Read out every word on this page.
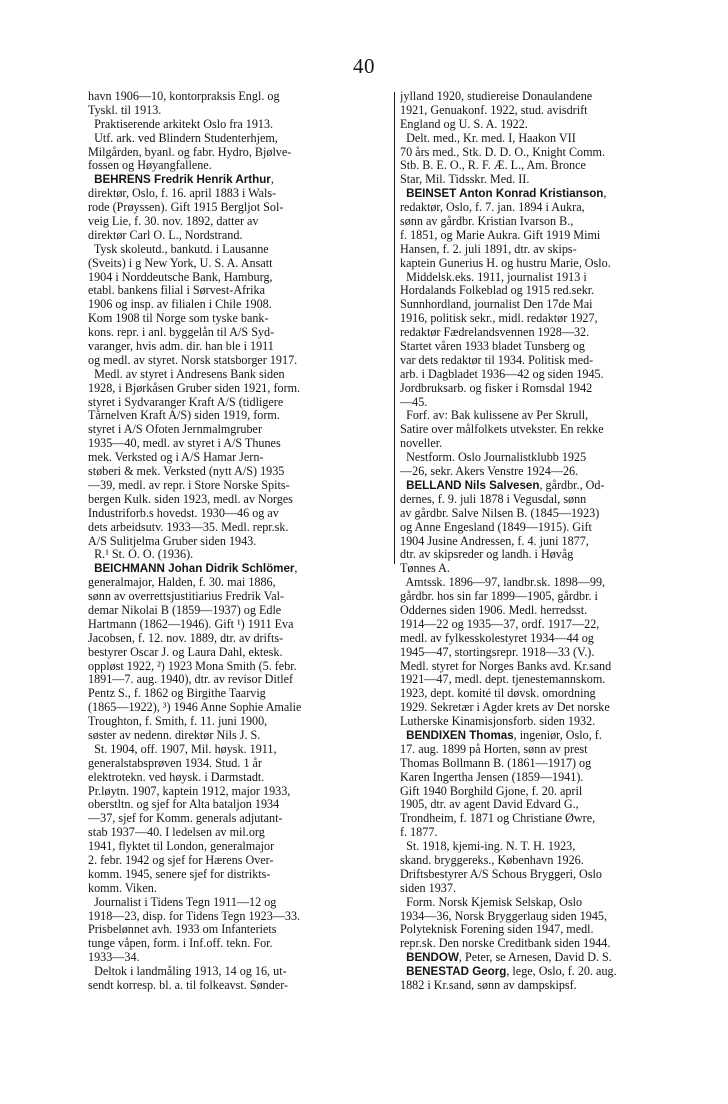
40
havn 1906—10, kontorpraksis Engl. og
Tyskl. til 1913.
Praktiserende arkitekt Oslo fra 1913.
Utf. ark. ved Blindern Studenterhjem,
Milgården, byanl. og fabr. Hydro, Bjølve-
fossen og Høyangfallene.
BEHRENS Fredrik Henrik Arthur,
direktør, Oslo, f. 16. april 1883 i Wals-
rode (Prøyssen). Gift 1915 Bergljot Sol-
veig Lie, f. 30. nov. 1892, datter av
direktør Carl O. L., Nordstrand.
Tysk skoleutd., bankutd. i Lausanne
(Sveits) i g New York, U. S. A. Ansatt
1904 i Norddeutsche Bank, Hamburg,
etabl. bankens filial i Sørvest-Afrika
1906 og insp. av filialen i Chile 1908.
Kom 1908 til Norge som tyske bank-
kons. repr. i anl. byggelån til A/S Syd-
varanger, hvis adm. dir. han ble i 1911
og medl. av styret. Norsk statsborger 1917.
Medl. av styret i Andresens Bank siden
1928, i Bjørkåsen Gruber siden 1921, form.
styret i Sydvaranger Kraft A/S (tidligere
Tårnelven Kraft A/S) siden 1919, form.
styret i A/S Ofoten Jernmalmgruber
1935—40, medl. av styret i A/S Thunes
mek. Verksted og i A/S Hamar Jern-
støberi & mek. Verksted (nytt A/S) 1935
—39, medl. av repr. i Store Norske Spits-
bergen Kulk. siden 1923, medl. av Norges
Industriforb.s hovedst. 1930—46 og av
dets arbeidsutv. 1933—35. Medl. repr.sk.
A/S Sulitjelma Gruber siden 1943.
R.¹ St. O. O. (1936).
BEICHMANN Johan Didrik Schlömer,
generalmajor, Halden, f. 30. mai 1886,
sønn av overrettsjustitiarius Fredrik Val-
demar Nikolai B (1859—1937) og Edle
Hartmann (1862—1946). Gift ¹) 1911 Eva
Jacobsen, f. 12. nov. 1889, dtr. av drifts-
bestyrer Oscar J. og Laura Dahl, ektesk.
oppløst 1922, ²) 1923 Mona Smith (5. febr.
1891—7. aug. 1940), dtr. av revisor Ditlef
Pentz S., f. 1862 og Birgithe Taarvig
(1865—1922), ³) 1946 Anne Sophie Amalie
Troughton, f. Smith, f. 11. juni 1900,
søster av nedenn. direktør Nils J. S.
St. 1904, off. 1907, Mil. høysk. 1911,
generalstabsprøven 1934. Stud. 1 år
elektrotekn. ved høysk. i Darmstadt.
Pr.løytn. 1907, kaptein 1912, major 1933,
oberstltn. og sjef for Alta bataljon 1934
—37, sjef for Komm. generals adjutant-
stab 1937—40. I ledelsen av mil.org
1941, flyktet til London, generalmajor
2. febr. 1942 og sjef for Hærens Over-
komm. 1945, senere sjef for distrikts-
komm. Viken.
Journalist i Tidens Tegn 1911—12 og
1918—23, disp. for Tidens Tegn 1923—33.
Prisbelønnet avh. 1933 om Infanteriets
tunge våpen, form. i Inf.off. tekn. For.
1933—34.
Deltok i landmåling 1913, 14 og 16, ut-
sendt korresp. bl. a. til folkeavst. Sønder-
jylland 1920, studiereise Donaulandene
1921, Genuakonf. 1922, stud. avisdrift
England og U. S. A. 1922.
Delt. med., Kr. med. I, Haakon VII
70 års med., Stk. D. D. O., Knight Comm.
Stb. B. E. O., R. F. Æ. L., Am. Bronce
Star, Mil. Tidsskr. Med. II.
BEINSET Anton Konrad Kristianson,
redaktør, Oslo, f. 7. jan. 1894 i Aukra,
sønn av gårdbr. Kristian Ivarson B.,
f. 1851, og Marie Aukra. Gift 1919 Mimi
Hansen, f. 2. juli 1891, dtr. av skips-
kaptein Gunerius H. og hustru Marie, Oslo.
Middelsk.eks. 1911, journalist 1913 i
Hordalands Folkeblad og 1915 red.sekr.
Sunnhordland, journalist Den 17de Mai
1916, politisk sekr., midl. redaktør 1927,
redaktør Fædrelandsvennen 1928—32.
Startet våren 1933 bladet Tunsberg og
var dets redaktør til 1934. Politisk med-
arb. i Dagbladet 1936—42 og siden 1945.
Jordbruksarb. og fisker i Romsdal 1942
—45.
Forf. av: Bak kulissene av Per Skrull,
Satire over målfolkets utvekster. En rekke
noveller.
Nestform. Oslo Journalistklubb 1925
—26, sekr. Akers Venstre 1924—26.
BELLAND Nils Salvesen, gårdbr., Od-
dernes, f. 9. juli 1878 i Vegusdal, sønn
av gårdbr. Salve Nilsen B. (1845—1923)
og Anne Engesland (1849—1915). Gift
1904 Jusine Andressen, f. 4. juni 1877,
dtr. av skipsreder og landh. i Høvåg
Tønnes A.
Amtssk. 1896—97, landbr.sk. 1898—99,
gårdbr. hos sin far 1899—1905, gårdbr. i
Oddernes siden 1906. Medl. herredsst.
1914—22 og 1935—37, ordf. 1917—22,
medl. av fylkesskolestyret 1934—44 og
1945—47, stortingsrepr. 1918—33 (V.).
Medl. styret for Norges Banks avd. Kr.sand
1921—47, medl. dept. tjenestemannskom.
1923, dept. komité til døvsk. omordning
1929. Sekretær i Agder krets av Det norske
Lutherske Kinamisjonsforb. siden 1932.
BENDIXEN Thomas, ingeniør, Oslo, f.
17. aug. 1899 på Horten, sønn av prest
Thomas Bollmann B. (1861—1917) og
Karen Ingertha Jensen (1859—1941).
Gift 1940 Borghild Gjone, f. 20. april
1905, dtr. av agent David Edvard G.,
Trondheim, f. 1871 og Christiane Øwre,
f. 1877.
St. 1918, kjemi-ing. N. T. H. 1923,
skand. bryggereks., København 1926.
Driftsbestyrer A/S Schous Bryggeri, Oslo
siden 1937.
Form. Norsk Kjemisk Selskap, Oslo
1934—36, Norsk Bryggerlaug siden 1945,
Polyteknisk Forening siden 1947, medl.
repr.sk. Den norske Creditbank siden 1944.
BENDOW, Peter, se Arnesen, David D. S.
BENESTAD Georg, lege, Oslo, f. 20. aug.
1882 i Kr.sand, sønn av dampskipsf.
